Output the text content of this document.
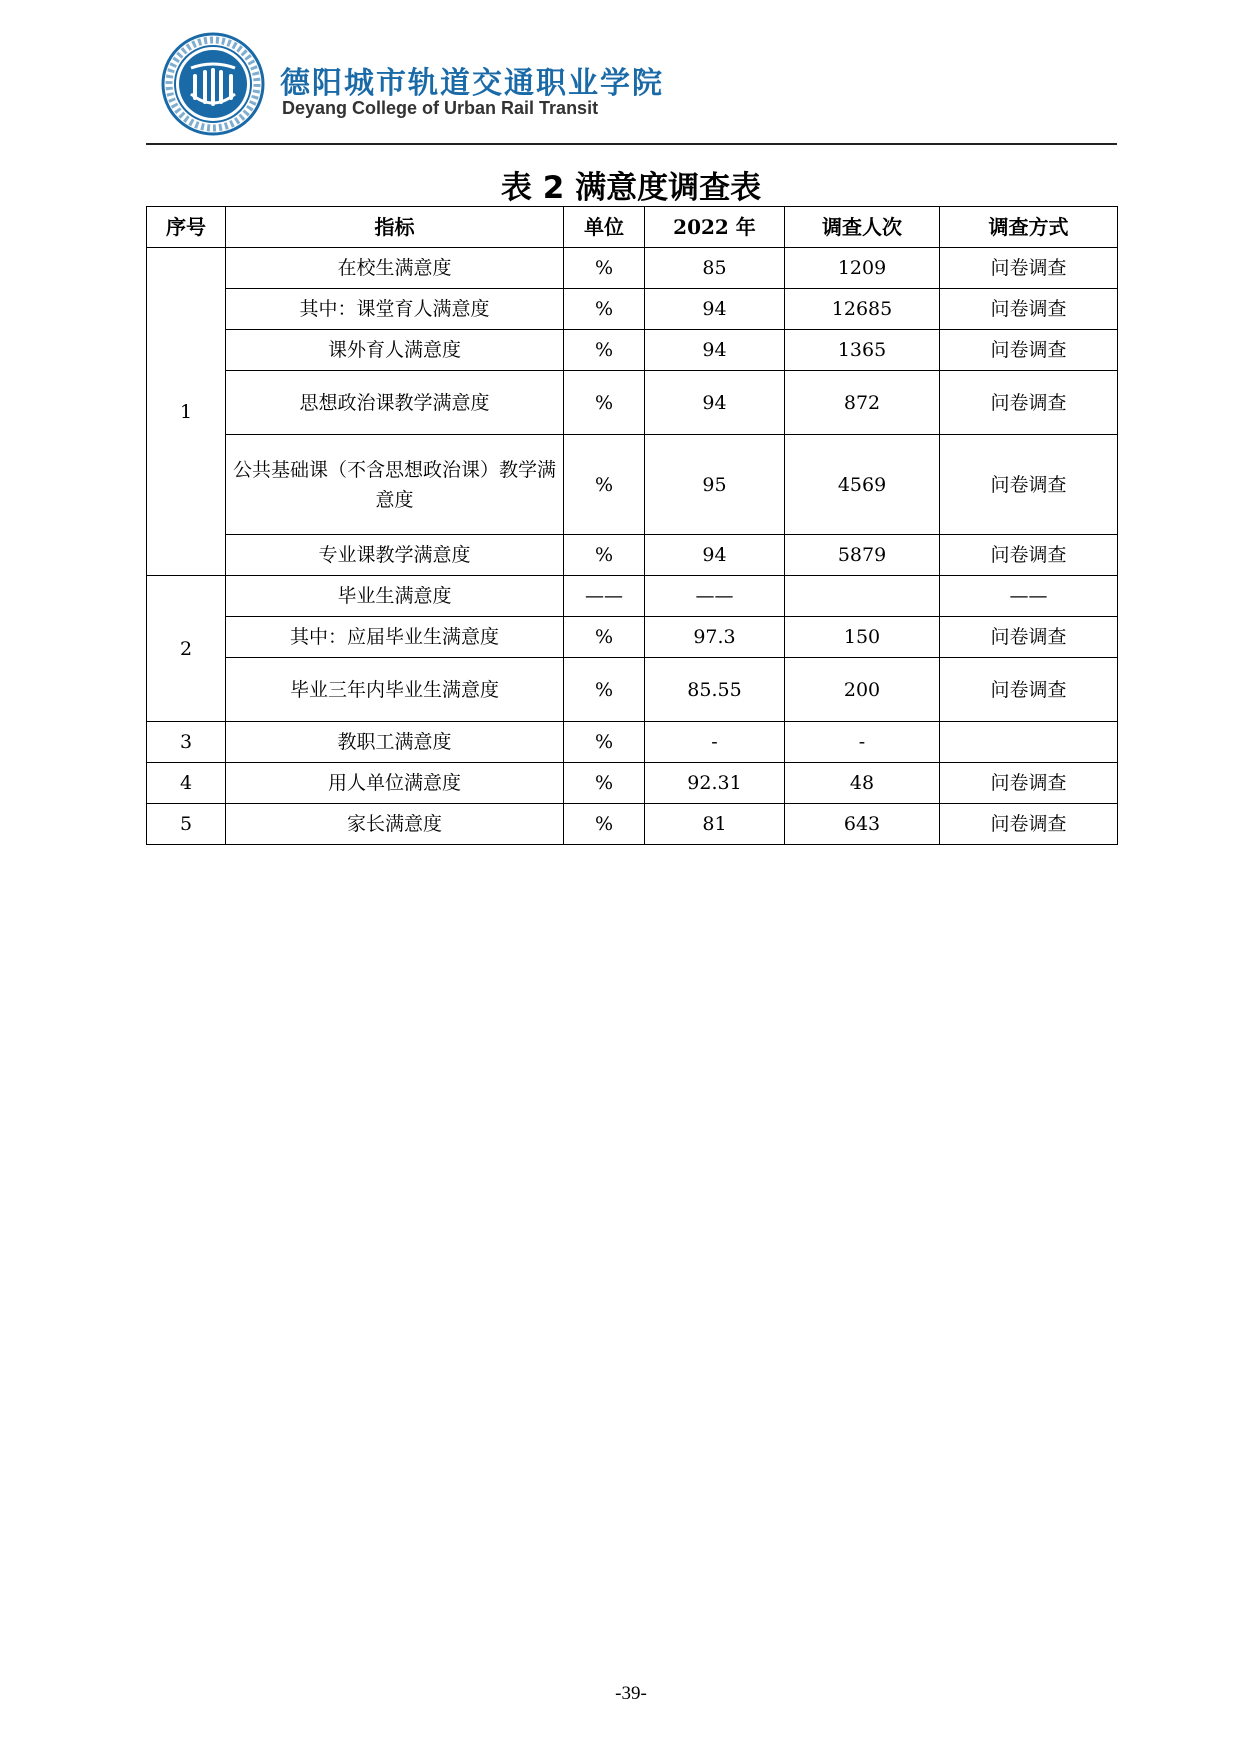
德阳城市轨道交通职业学院
Deyang College of Urban Rail Transit
表 2 满意度调查表
序号	指标	单位	2022 年	调查人次	调查方式
1	在校生满意度	%	85	1209	问卷调查
	其中：课堂育人满意度	%	94	12685	问卷调查
	课外育人满意度	%	94	1365	问卷调查
	思想政治课教学满意度	%	94	872	问卷调查
	公共基础课（不含思想政治课）教学满意度	%	95	4569	问卷调查
	专业课教学满意度	%	94	5879	问卷调查
2	毕业生满意度	——	——		——
	其中：应届毕业生满意度	%	97.3	150	问卷调查
	毕业三年内毕业生满意度	%	85.55	200	问卷调查
3	教职工满意度	%	-	-	
4	用人单位满意度	%	92.31	48	问卷调查
5	家长满意度	%	81	643	问卷调查
-39-
